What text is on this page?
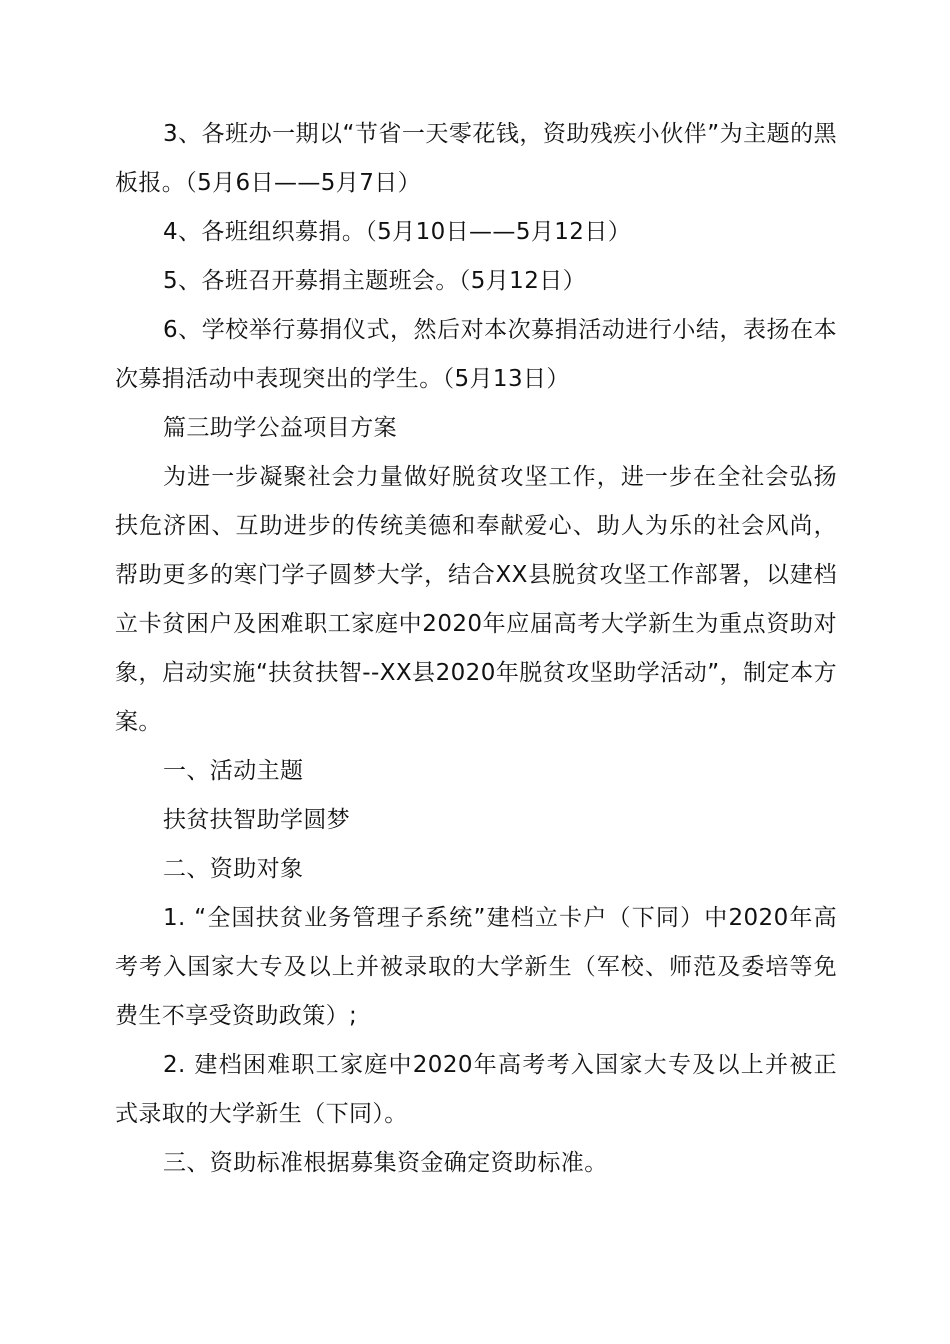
3、各班办一期以“节省一天零花钱，资助残疾小伙伴”为主题的黑板报。（5月6日——5月7日）

4、各班组织募捐。（5月10日——5月12日）

5、各班召开募捐主题班会。（5月12日）

6、学校举行募捐仪式，然后对本次募捐活动进行小结，表扬在本次募捐活动中表现突出的学生。（5月13日）

篇三助学公益项目方案

为进一步凝聚社会力量做好脱贫攻坚工作，进一步在全社会弘扬扶危济困、互助进步的传统美德和奉献爱心、助人为乐的社会风尚，帮助更多的寒门学子圆梦大学，结合XX县脱贫攻坚工作部署，以建档立卡贫困户及困难职工家庭中2020年应届高考大学新生为重点资助对象，启动实施“扶贫扶智--XX县2020年脱贫攻坚助学活动”，制定本方案。

一、活动主题

扶贫扶智助学圆梦

二、资助对象

1. “全国扶贫业务管理子系统”建档立卡户（下同）中2020年高考考入国家大专及以上并被录取的大学新生（军校、师范及委培等免费生不享受资助政策）;

2. 建档困难职工家庭中2020年高考考入国家大专及以上并被正式录取的大学新生（下同）。

三、资助标准根据募集资金确定资助标准。
